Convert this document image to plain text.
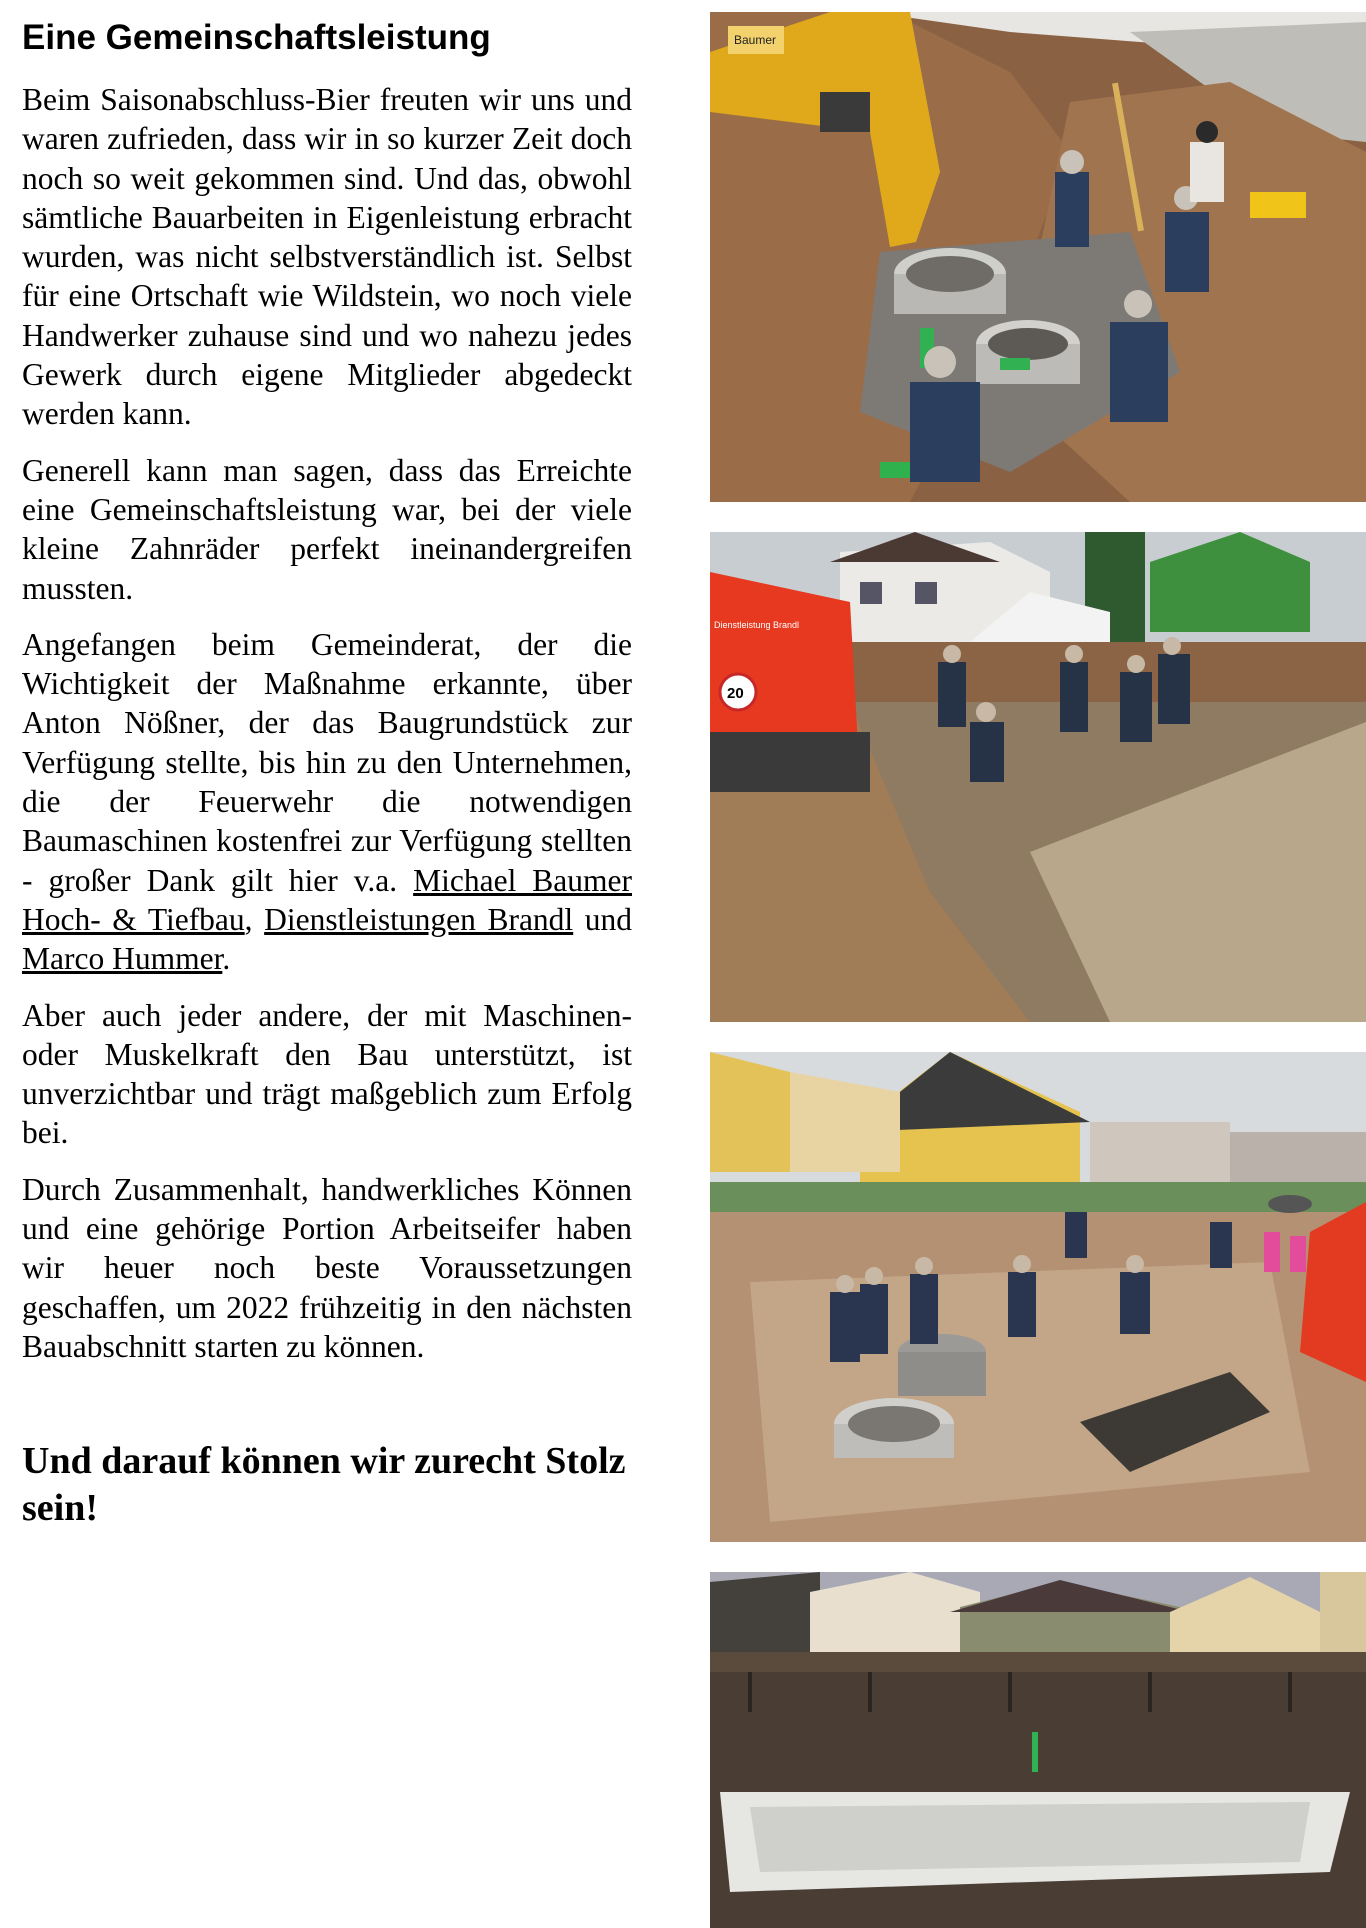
Eine Gemeinschaftsleistung

Beim Saisonabschluss-Bier freuten wir uns und waren zufrieden, dass wir in so kurzer Zeit doch noch so weit gekommen sind. Und das, obwohl sämtliche Bauarbeiten in Eigenleistung erbracht wurden, was nicht selbstverständlich ist. Selbst für eine Ortschaft wie Wildstein, wo noch viele Handwerker zuhause sind und wo nahezu jedes Gewerk durch eigene Mitglieder abgedeckt werden kann.

Generell kann man sagen, dass das Erreichte eine Gemeinschaftsleistung war, bei der viele kleine Zahnräder perfekt ineinandergreifen mussten.

Angefangen beim Gemeinderat, der die Wichtigkeit der Maßnahme erkannte, über Anton Nößner, der das Baugrundstück zur Verfügung stellte, bis hin zu den Unternehmen, die der Feuerwehr die notwendigen Baumaschinen kostenfrei zur Verfügung stellten - großer Dank gilt hier v.a. Michael Baumer Hoch- & Tiefbau, Dienstleistungen Brandl und Marco Hummer.

Aber auch jeder andere, der mit Maschinen- oder Muskelkraft den Bau unterstützt, ist unverzichtbar und trägt maßgeblich zum Erfolg bei.

Durch Zusammenhalt, handwerkliches Können und eine gehörige Portion Arbeitseifer haben wir heuer noch beste Voraussetzungen geschaffen, um 2022 frühzeitig in den nächsten Bauabschnitt starten zu können.

Und darauf können wir zurecht Stolz sein!

Baumer
20
Dienstleistung Brandl
